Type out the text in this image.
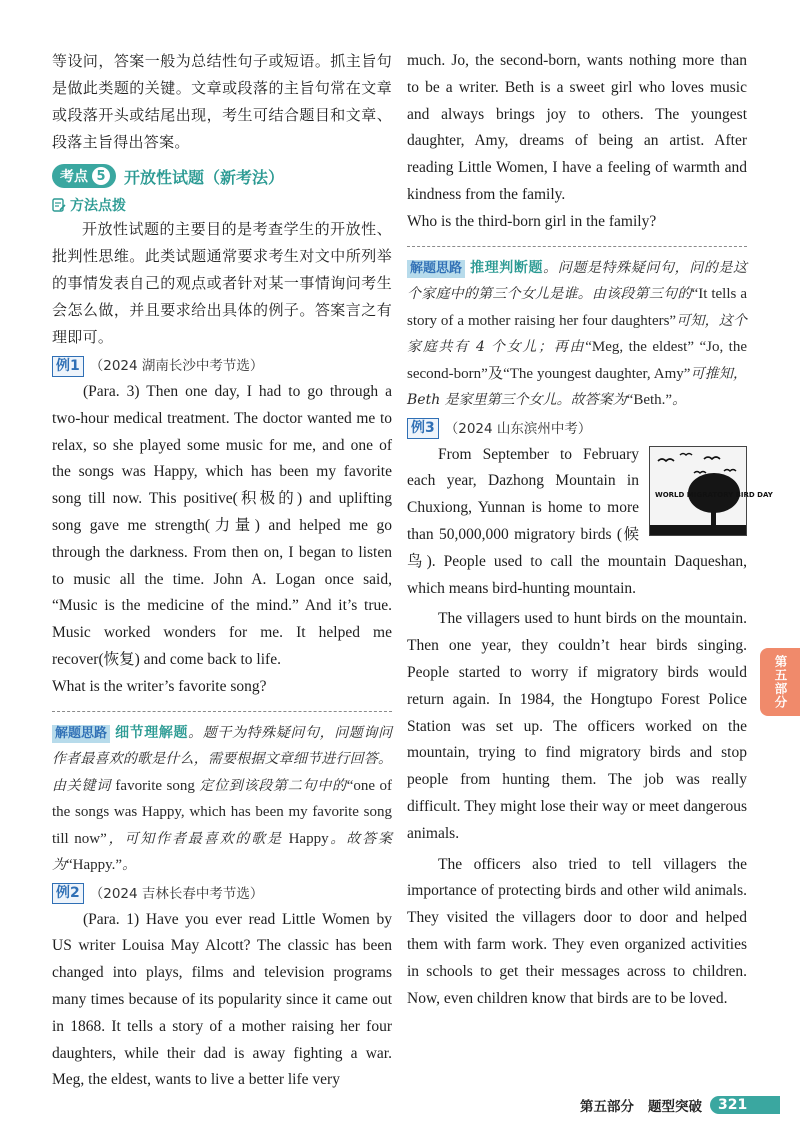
等设问，答案一般为总结性句子或短语。抓主旨句是做此类题的关键。文章或段落的主旨句常在文章或段落开头或结尾出现，考生可结合题目和文章、段落主旨得出答案。

考点 5 开放性试题（新考法）
方法点拨

开放性试题的主要目的是考查学生的开放性、批判性思维。此类试题通常要求考生对文中所列举的事情发表自己的观点或者针对某一事情询问考生会怎么做，并且要求给出具体的例子。答案言之有理即可。

例1 （2024 湖南长沙中考节选）

(Para. 3) Then one day, I had to go through a two-hour medical treatment. The doctor wanted me to relax, so she played some music for me, and one of the songs was Happy, which has been my favorite song till now. This positive(积极的) and uplifting song gave me strength(力量) and helped me go through the darkness. From then on, I began to listen to music all the time. John A. Logan once said, “Music is the medicine of the mind.” And it’s true. Music worked wonders for me. It helped me recover(恢复) and come back to life.

What is the writer’s favorite song?

解题思路 细节理解题。题干为特殊疑问句，问题询问作者最喜欢的歌是什么，需要根据文章细节进行回答。由关键词 favorite song 定位到该段第二句中的“one of the songs was Happy, which has been my favorite song till now”，可知作者最喜欢的歌是 Happy。故答案为“Happy.”。

例2 （2024 吉林长春中考节选）

(Para. 1) Have you ever read Little Women by US writer Louisa May Alcott? The classic has been changed into plays, films and television programs many times because of its popularity since it came out in 1868. It tells a story of a mother raising her four daughters, while their dad is away fighting a war. Meg, the eldest, wants to live a better life very

much. Jo, the second-born, wants nothing more than to be a writer. Beth is a sweet girl who loves music and always brings joy to others. The youngest daughter, Amy, dreams of being an artist. After reading Little Women, I have a feeling of warmth and kindness from the family.

Who is the third-born girl in the family?

解题思路 推理判断题。问题是特殊疑问句，问的是这个家庭中的第三个女儿是谁。由该段第三句的“It tells a story of a mother raising her four daughters”可知，这个家庭共有 4 个女儿；再由“Meg, the eldest” “Jo, the second-born”及“The youngest daughter, Amy”可推知，Beth 是家里第三个女儿。故答案为“Beth.”。

例3 （2024 山东滨州中考）
WORLD MIGRATORY BIRD DAY

From September to February each year, Dazhong Mountain in Chuxiong, Yunnan is home to more than 50,000,000 migratory birds (候鸟). People used to call the mountain Daqueshan, which means bird-hunting mountain.

The villagers used to hunt birds on the mountain. Then one year, they couldn’t hear birds singing. People started to worry if migratory birds would return again. In 1984, the Hongtupo Forest Police Station was set up. The officers worked on the mountain, trying to find migratory birds and stop people from hunting them. The job was really difficult. They might lose their way or meet dangerous animals.

The officers also tried to tell villagers the importance of protecting birds and other wild animals. They visited the villagers door to door and helped them with farm work. They even organized activities in schools to get their messages across to children. Now, even children know that birds are to be loved.

第五部分
第五部分 题型突破	321
